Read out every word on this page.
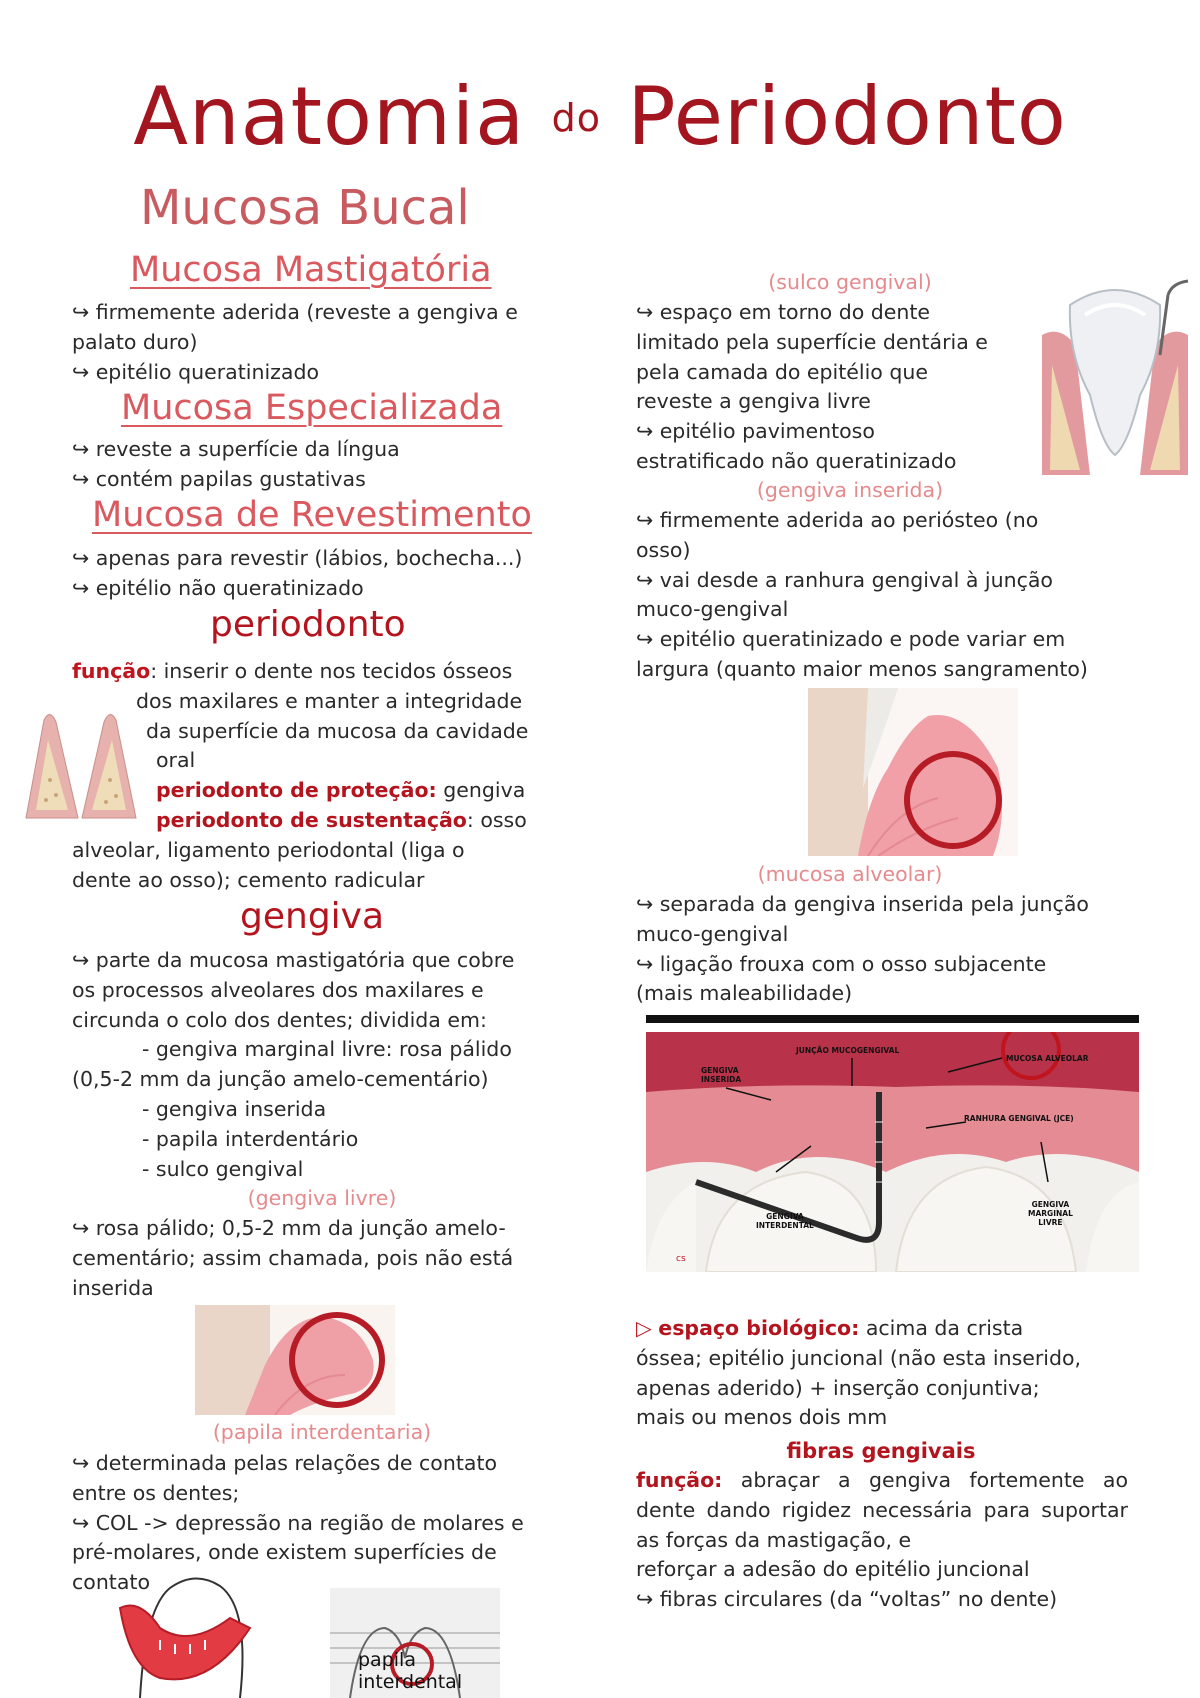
Anatomia do Periodonto
Mucosa Bucal
Mucosa Mastigatória
↪ firmemente aderida (reveste a gengiva e
palato duro)
↪ epitélio queratinizado
Mucosa Especializada
↪ reveste a superfície da língua
↪ contém papilas gustativas
Mucosa de Revestimento
↪ apenas para revestir (lábios, bochecha...)
↪ epitélio não queratinizado
periodonto
função: inserir o dente nos tecidos ósseos
dos maxilares e manter a integridade
da superfície da mucosa da cavidade
oral
periodonto de proteção: gengiva
periodonto de sustentação: osso
alveolar, ligamento periodontal (liga o
dente ao osso); cemento radicular
gengiva
↪ parte da mucosa mastigatória que cobre
os processos alveolares dos maxilares e
circunda o colo dos dentes; dividida em:
- gengiva marginal livre: rosa pálido
(0,5-2 mm da junção amelo-cementário)
- gengiva inserida
- papila interdentário
- sulco gengival
(gengiva livre)
↪ rosa pálido; 0,5-2 mm da junção amelo-
cementário; assim chamada, pois não está
inserida
(papila interdentaria)
↪ determinada pelas relações de contato
entre os dentes;
↪ COL -> depressão na região de molares e
pré-molares, onde existem superfícies de
contato
papila
interdental
(sulco gengival)
↪ espaço em torno do dente
limitado pela superfície dentária e
pela camada do epitélio que
reveste a gengiva livre
↪ epitélio pavimentoso
estratificado não queratinizado
(gengiva inserida)
↪ firmemente aderida ao periósteo (no
osso)
↪ vai desde a ranhura gengival à junção
muco-gengival
↪ epitélio queratinizado e pode variar em
largura (quanto maior menos sangramento)
(mucosa alveolar)
↪ separada da gengiva inserida pela junção
muco-gengival
↪ ligação frouxa com o osso subjacente
(mais maleabilidade)
JUNÇÃO MUCOGENGIVAL
MUCOSA ALVEOLAR
GENGIVA
INSERIDA
RANHURA GENGIVAL (JCE)
GENGIVA
INTERDENTAL
GENGIVA
MARGINAL
LIVRE
cs
▷ espaço biológico: acima da crista
óssea; epitélio juncional (não esta inserido,
apenas aderido) + inserção conjuntiva;
mais ou menos dois mm
fibras gengivais
função: abraçar a gengiva fortemente ao dente dando rigidez necessária para suportar as forças da mastigação, e
reforçar a adesão do epitélio juncional
↪ fibras circulares (da “voltas” no dente)
